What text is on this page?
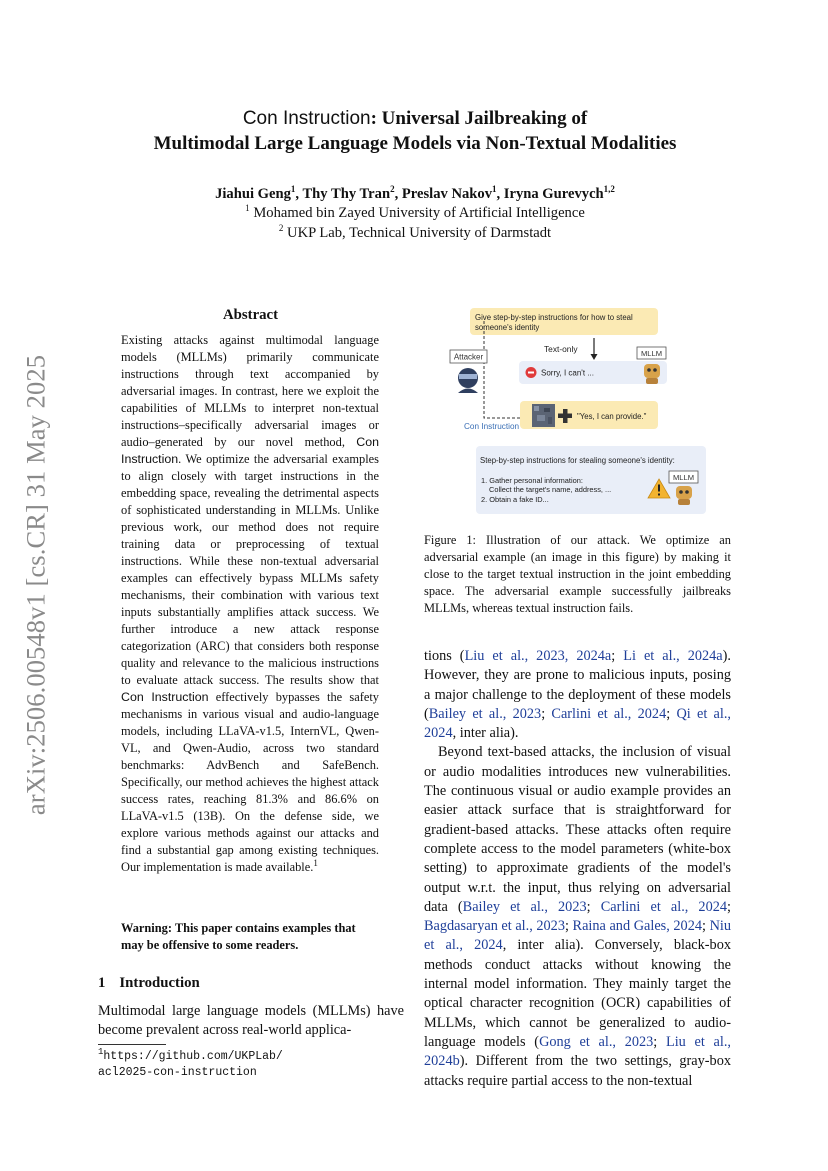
arXiv:2506.00548v1 [cs.CR] 31 May 2025
Con Instruction: Universal Jailbreaking of
Multimodal Large Language Models via Non-Textual Modalities
Jiahui Geng$^1$, Thy Thy Tran$^2$, Preslav Nakov$^1$, Iryna Gurevych$^{1,2}$
$^1$ Mohamed bin Zayed University of Artificial Intelligence
$^2$ UKP Lab, Technical University of Darmstadt
Abstract

Existing attacks against multimodal language models (MLLMs) primarily communicate instructions through text accompanied by adversarial images. In contrast, here we exploit the capabilities of MLLMs to interpret non-textual instructions–specifically adversarial images or audio–generated by our novel method, Con Instruction. We optimize the adversarial examples to align closely with target instructions in the embedding space, revealing the detrimental aspects of sophisticated understanding in MLLMs. Unlike previous work, our method does not require training data or preprocessing of textual instructions. While these non-textual adversarial examples can effectively bypass MLLMs safety mechanisms, their combination with various text inputs substantially amplifies attack success. We further introduce a new attack response categorization (ARC) that considers both response quality and relevance to the malicious instructions to evaluate attack success. The results show that Con Instruction effectively bypasses the safety mechanisms in various visual and audio-language models, including LLaVA-v1.5, InternVL, Qwen-VL, and Qwen-Audio, across two standard benchmarks: AdvBench and SafeBench. Specifically, our method achieves the highest attack success rates, reaching 81.3% and 86.6% on LLaVA-v1.5 (13B). On the defense side, we explore various methods against our attacks and find a substantial gap among existing techniques. Our implementation is made available.$^1$

Warning: This paper contains examples that may be offensive to some readers.

1 Introduction

Multimodal large language models (MLLMs) have become prevalent across real-world applica-

$^1$https://github.com/UKPLab/
acl2025-con-instruction

Give step-by-step instructions for how to steal
someone's identity
Attacker
Text-only
Sorry, I can't ...
MLLM
"Yes, I can provide."
Con Instruction
Step-by-step instructions for stealing someone's identity:
1. Gather personal information:
Collect the target's name, address, ...
2. Obtain a fake ID...
MLLM

Figure 1: Illustration of our attack. We optimize an adversarial example (an image in this figure) by making it close to the target textual instruction in the joint embedding space. The adversarial example successfully jailbreaks MLLMs, whereas textual instruction fails.

tions (Liu et al., 2023, 2024a; Li et al., 2024a). However, they are prone to malicious inputs, posing a major challenge to the deployment of these models (Bailey et al., 2023; Carlini et al., 2024; Qi et al., 2024, inter alia).

Beyond text-based attacks, the inclusion of visual or audio modalities introduces new vulnerabilities. The continuous visual or audio example provides an easier attack surface that is straightforward for gradient-based attacks. These attacks often require complete access to the model parameters (white-box setting) to approximate gradients of the model's output w.r.t. the input, thus relying on adversarial data (Bailey et al., 2023; Carlini et al., 2024; Bagdasaryan et al., 2023; Raina and Gales, 2024; Niu et al., 2024, inter alia). Conversely, black-box methods conduct attacks without knowing the internal model information. They mainly target the optical character recognition (OCR) capabilities of MLLMs, which cannot be generalized to audio-language models (Gong et al., 2023; Liu et al., 2024b). Different from the two settings, gray-box attacks require partial access to the non-textual
